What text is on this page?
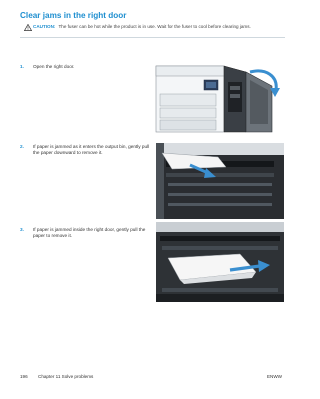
Clear jams in the right door
CAUTION: The fuser can be hot while the product is in use. Wait for the fuser to cool before clearing jams.
1. Open the right door.
2. If paper is jammed as it enters the output bin, gently pull the paper downward to remove it.
3. If paper is jammed inside the right door, gently pull the paper to remove it.
196 Chapter 11 Solve problems	ENWW
